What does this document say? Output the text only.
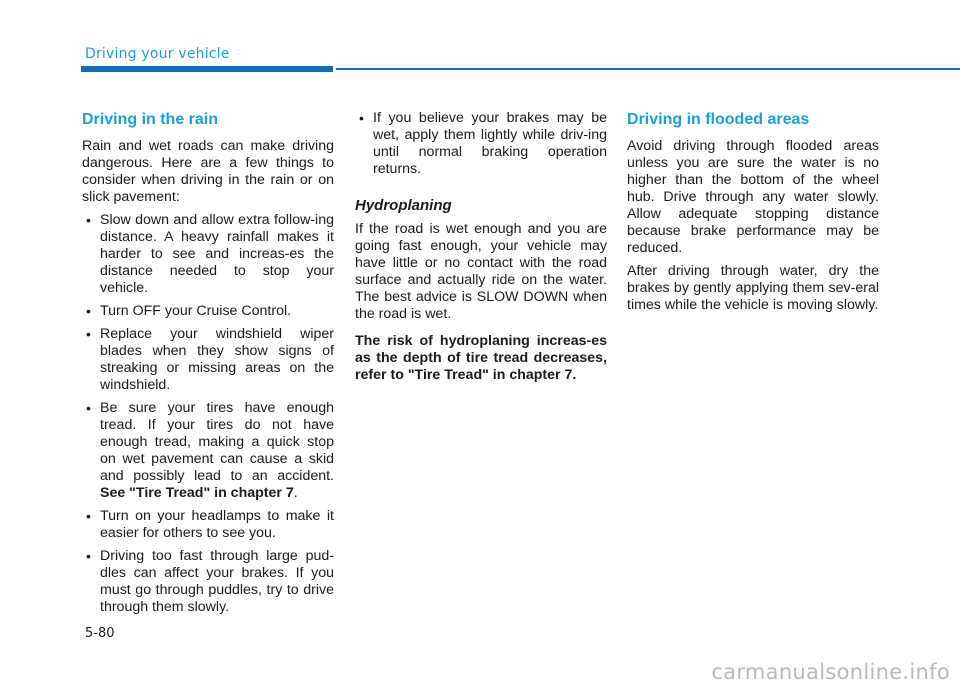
Driving your vehicle
Driving in the rain

Rain and wet roads can make driving dangerous. Here are a few things to consider when driving in the rain or on slick pavement:

• Slow down and allow extra follow-ing distance. A heavy rainfall makes it harder to see and increas-es the distance needed to stop your vehicle.
• Turn OFF your Cruise Control.
• Replace your windshield wiper blades when they show signs of streaking or missing areas on the windshield.
• Be sure your tires have enough tread. If your tires do not have enough tread, making a quick stop on wet pavement can cause a skid and possibly lead to an accident. See "Tire Tread" in chapter 7.
• Turn on your headlamps to make it easier for others to see you.
• Driving too fast through large pud-dles can affect your brakes. If you must go through puddles, try to drive through them slowly.
• If you believe your brakes may be wet, apply them lightly while driv-ing until normal braking operation returns.
Hydroplaning

If the road is wet enough and you are going fast enough, your vehicle may have little or no contact with the road surface and actually ride on the water. The best advice is SLOW DOWN when the road is wet.

The risk of hydroplaning increas-es as the depth of tire tread decreases, refer to "Tire Tread" in chapter 7.

Driving in flooded areas

Avoid driving through flooded areas unless you are sure the water is no higher than the bottom of the wheel hub. Drive through any water slowly. Allow adequate stopping distance because brake performance may be reduced.

After driving through water, dry the brakes by gently applying them sev-eral times while the vehicle is moving slowly.

5-80
carmanualsonline.info
